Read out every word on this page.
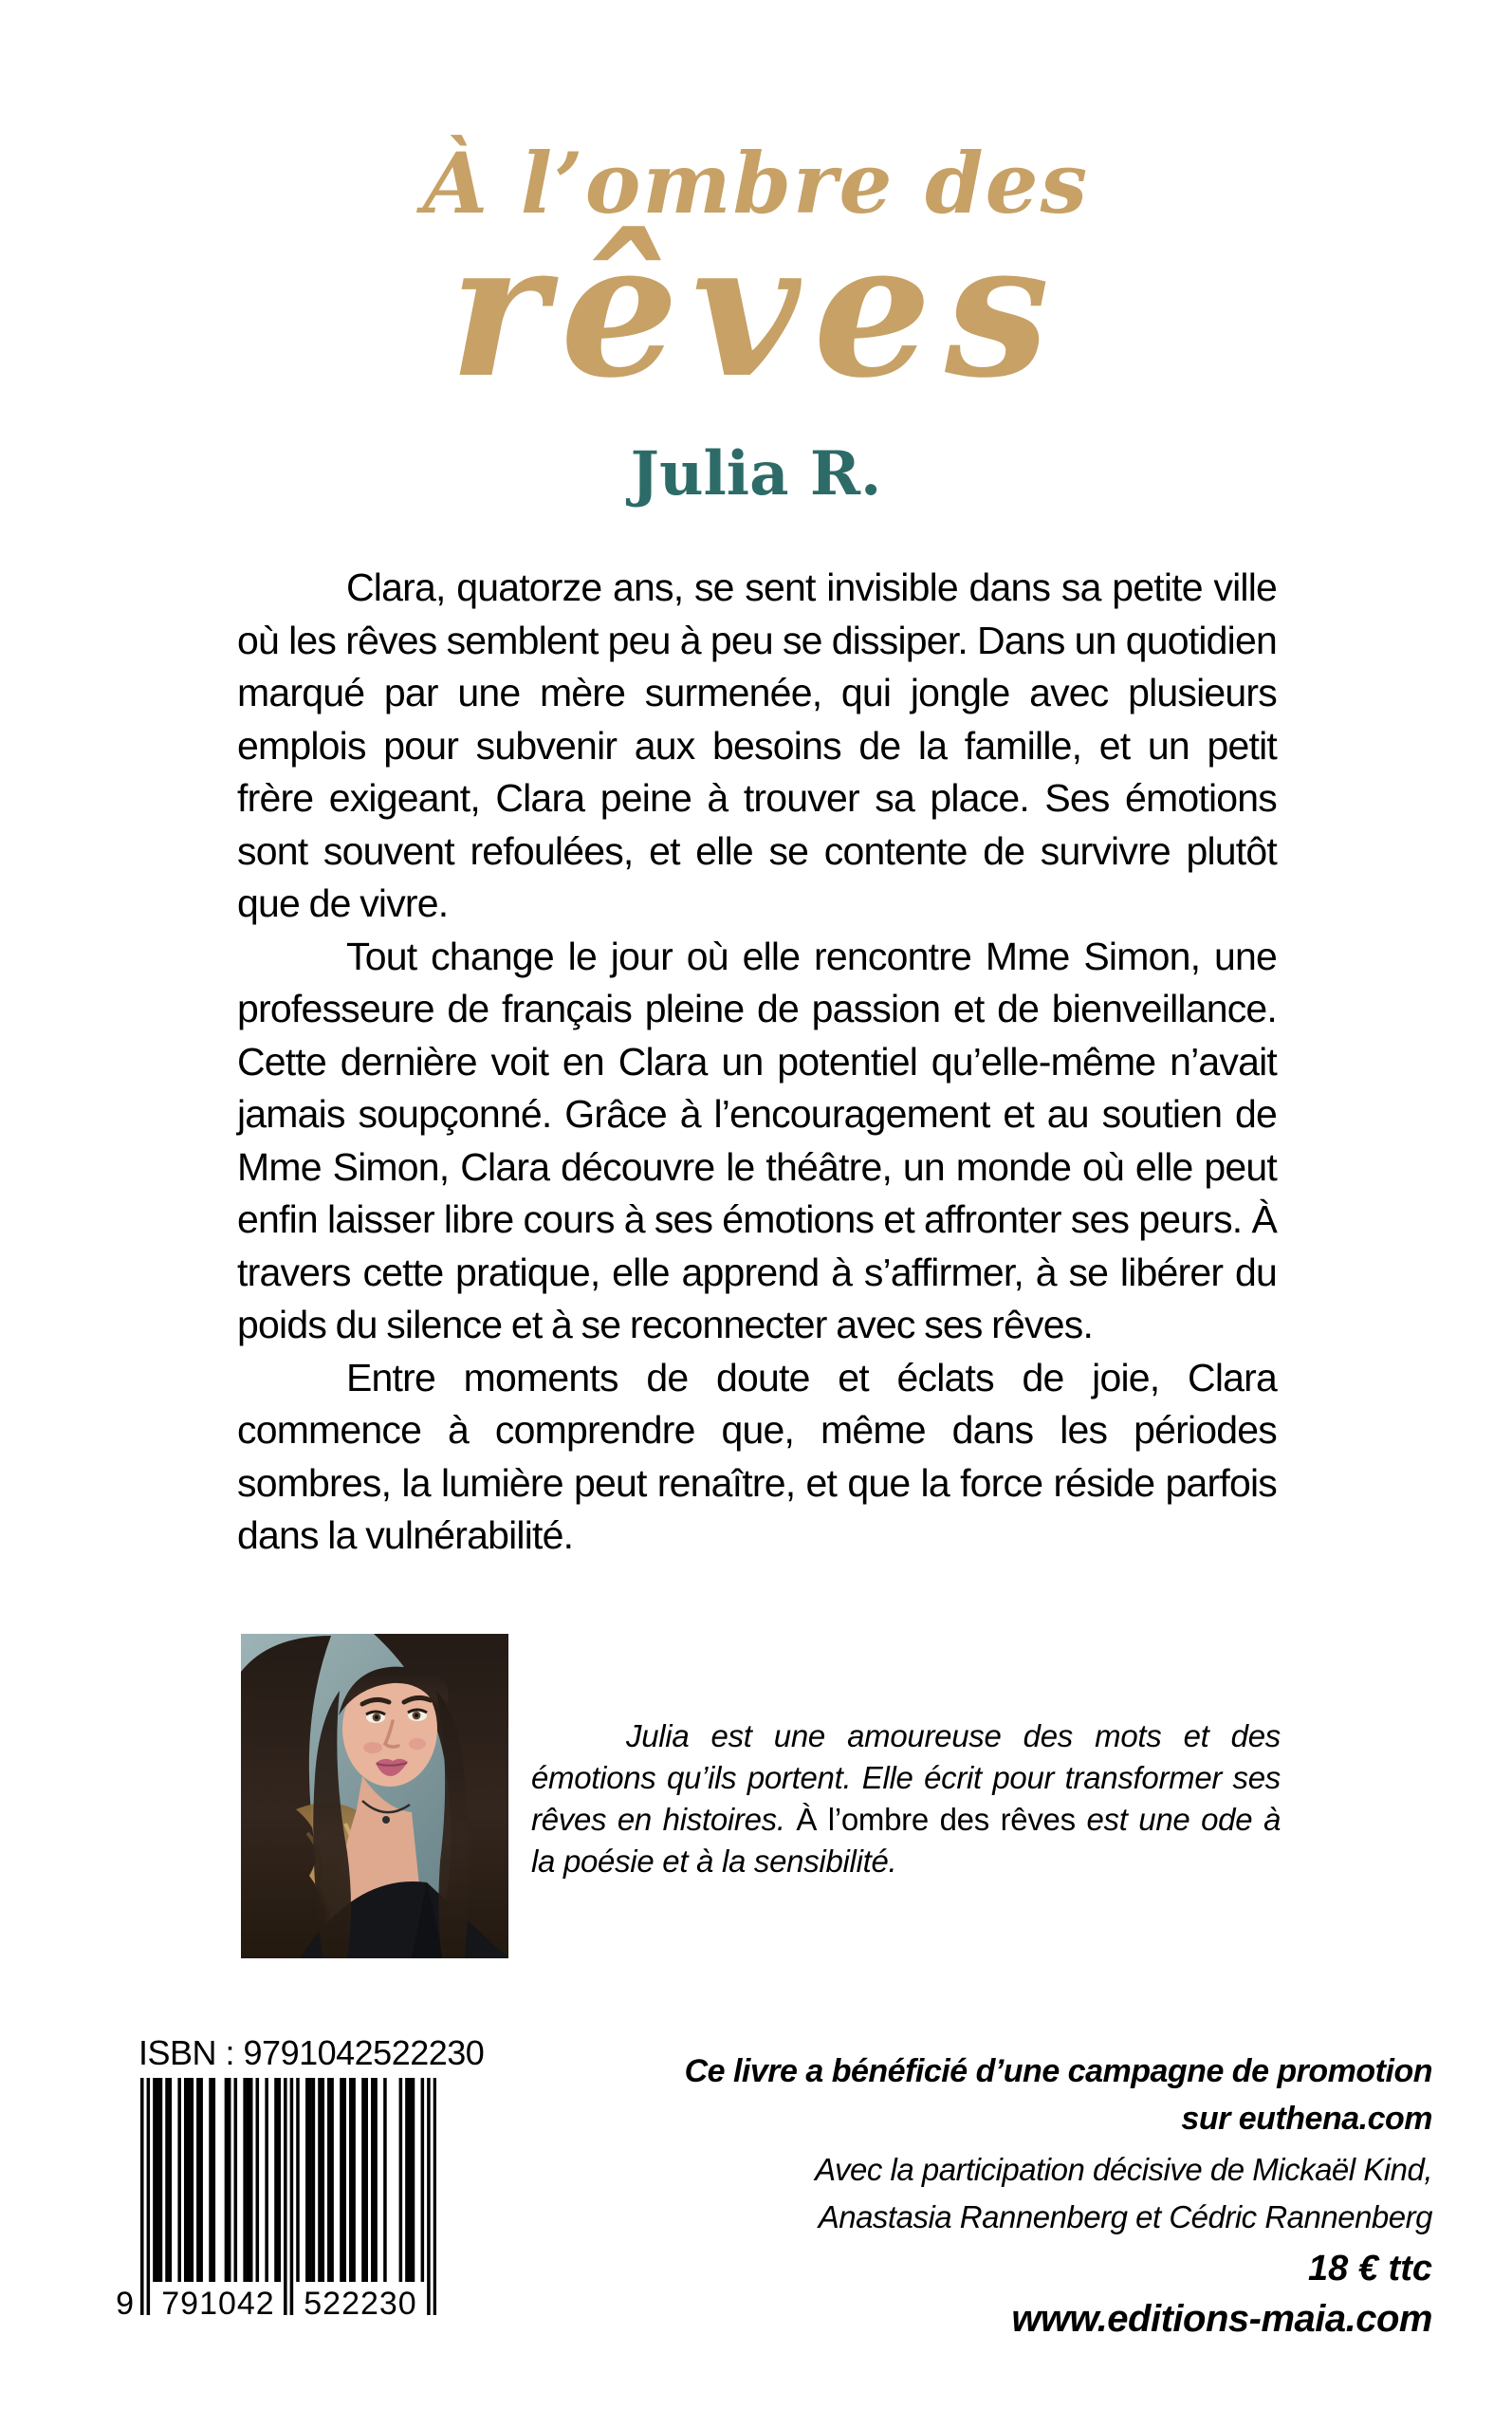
À l’ombre des
rêves
Julia R.

Clara, quatorze ans, se sent invisible dans sa petite ville où les rêves semblent peu à peu se dissiper. Dans un quotidien marqué par une mère surmenée, qui jongle avec plusieurs emplois pour subvenir aux besoins de la famille, et un petit frère exigeant, Clara peine à trouver sa place. Ses émotions sont souvent refoulées, et elle se contente de survivre plutôt que de vivre.

Tout change le jour où elle rencontre Mme Simon, une professeure de français pleine de passion et de bienveillance. Cette dernière voit en Clara un potentiel qu’elle-même n’avait jamais soupçonné. Grâce à l’encouragement et au soutien de Mme Simon, Clara découvre le théâtre, un monde où elle peut enfin laisser libre cours à ses émotions et affronter ses peurs. À travers cette pratique, elle apprend à s’affirmer, à se libérer du poids du silence et à se reconnecter avec ses rêves.

Entre moments de doute et éclats de joie, Clara commence à comprendre que, même dans les périodes sombres, la lumière peut renaître, et que la force réside parfois dans la vulnérabilité.

Julia est une amoureuse des mots et des émotions qu’ils portent. Elle écrit pour transformer ses rêves en histoires. À l’ombre des rêves est une ode à la poésie et à la sensibilité.
ISBN : 9791042522230
9 791042 522230
Ce livre a bénéficié d’une campagne de promotion
sur euthena.com
Avec la participation décisive de Mickaël Kind,
Anastasia Rannenberg et Cédric Rannenberg
18 € ttc
www.editions-maia.com
